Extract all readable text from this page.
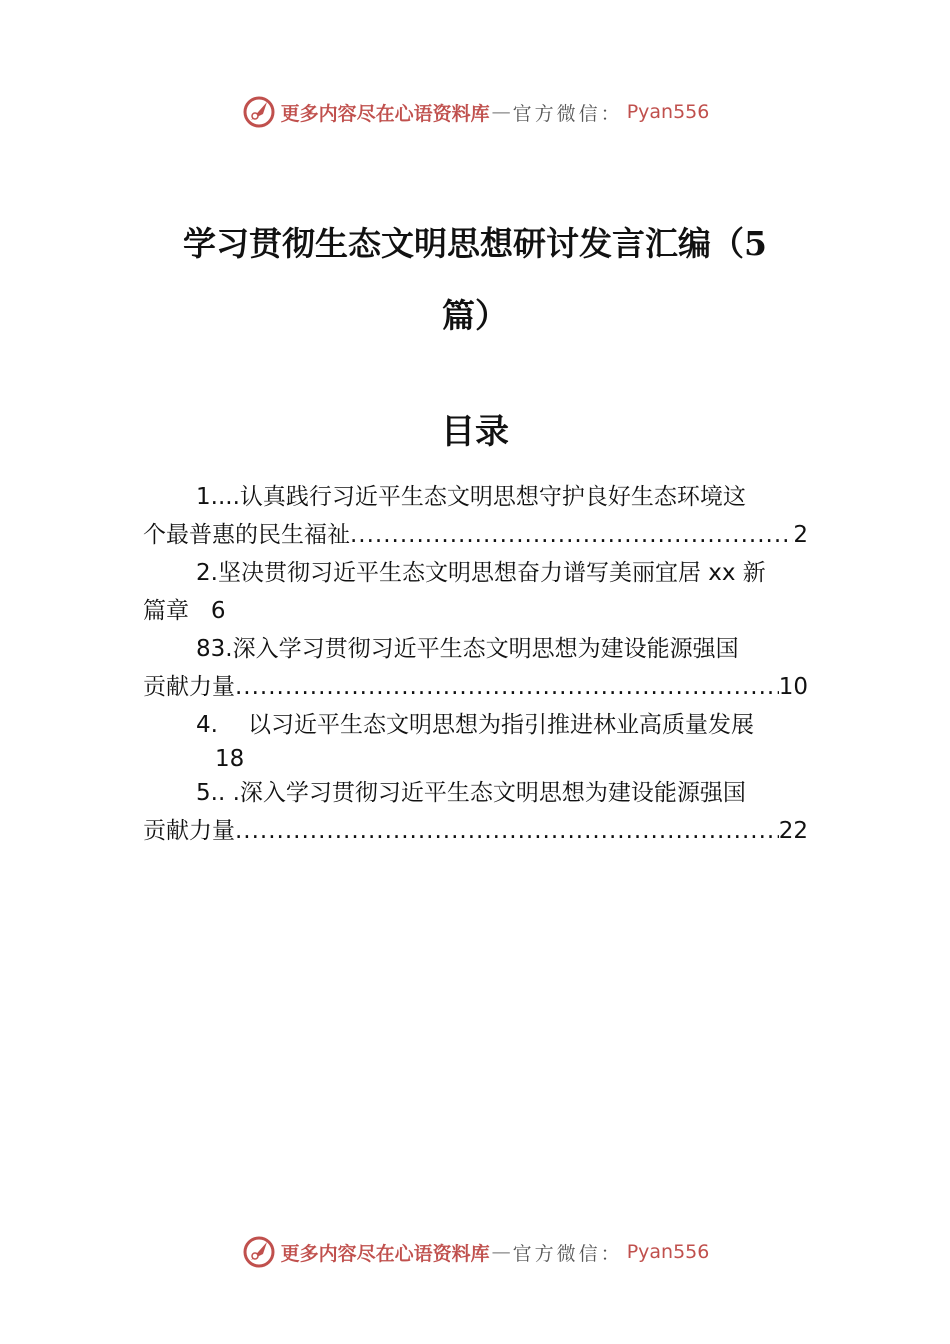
更多内容尽在心语资料库 — 官方微信： Pyan556
学习贯彻生态文明思想研讨发言汇编（5
篇）
目录
1....认真践行习近平生态文明思想守护良好生态环境这
个最普惠的民生福祉 .....	2
2.坚决贯彻习近平生态文明思想奋力谱写美丽宜居 xx 新
篇章   6
83.深入学习贯彻习近平生态文明思想为建设能源强国
贡献力量 .....	10
4. 以习近平生态文明思想为指引推进林业高质量发展
18
5.. .深入学习贯彻习近平生态文明思想为建设能源强国
贡献力量 .....	22
更多内容尽在心语资料库 — 官方微信： Pyan556
